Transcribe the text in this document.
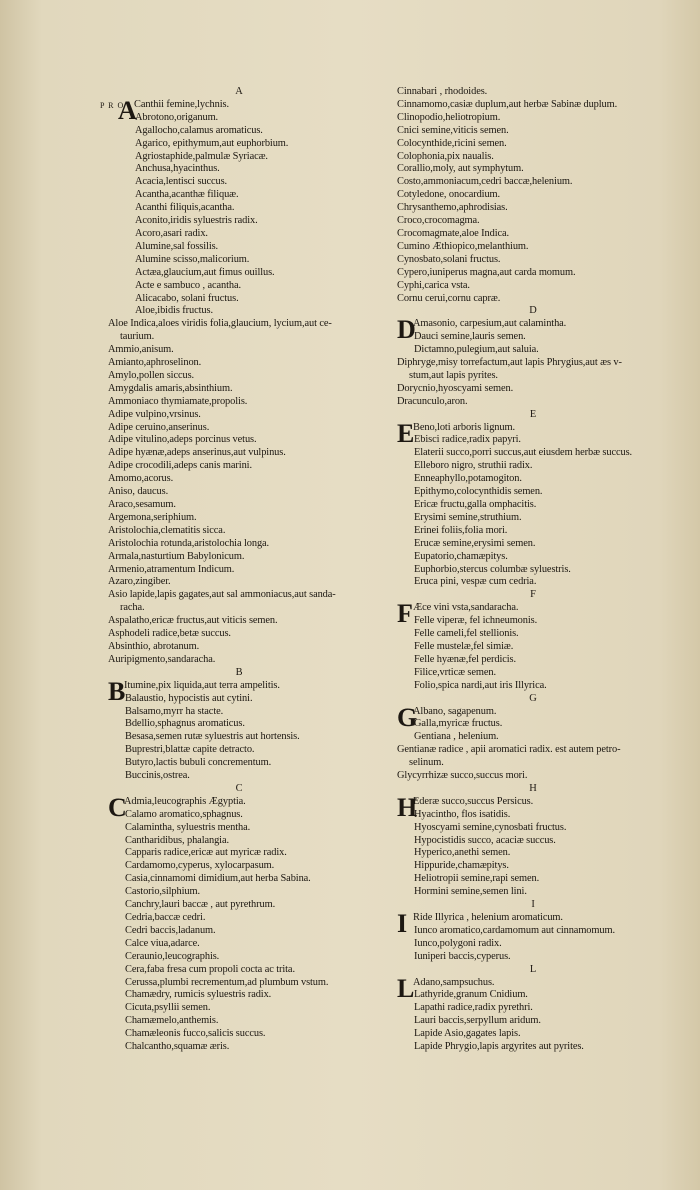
A
P R O
A
Canthii femine,lychnis.
Abrotono,origanum.
Agallocho,calamus aromaticus.
Agarico, epithymum,aut euphorbium.
Agriostaphide,palmulæ Syriacæ.
Anchusa,hyacinthus.
Acacia,lentisci succus.
Acantha,acanthæ filiquæ.
Acanthi filiquis,acantha.
Aconito,iridis syluestris radix.
Acoro,asari radix.
Alumine,sal fossilis.
Alumine scisso,malicorium.
Actæa,glaucium,aut fimus ouillus.
Acte e sambuco , acantha.
Alicacabo, solani fructus.
Aloe,ibidis fructus.
Aloe Indica,aloes viridis folia,glaucium, lycium,aut ce-
taurium.
Ammio,anisum.
Amianto,aphroselinon.
Amylo,pollen siccus.
Amygdalis amaris,absinthium.
Ammoniaco thymiamate,propolis.
Adipe vulpino,vrsinus.
Adipe ceruino,anserinus.
Adipe vitulino,adeps porcinus vetus.
Adipe hyænæ,adeps anserinus,aut vulpinus.
Adipe crocodili,adeps canis marini.
Amomo,acorus.
Aniso, daucus.
Araco,sesamum.
Argemona,seriphium.
Aristolochia,clematitis sicca.
Aristolochia rotunda,aristolochia longa.
Armala,nasturtium Babylonicum.
Armenio,atramentum Indicum.
Azaro,zingiber.
Asio lapide,lapis gagates,aut sal ammoniacus,aut sanda-
racha.
Aspalatho,ericæ fructus,aut viticis semen.
Asphodeli radice,betæ succus.
Absinthio, abrotanum.
Auripigmento,sandaracha.
B
B
Itumine,pix liquida,aut terra ampelitis.
Balaustio, hypocistis aut cytini.
Balsamo,myrr ha stacte.
Bdellio,sphagnus aromaticus.
Besasa,semen rutæ syluestris aut hortensis.
Buprestri,blattæ capite detracto.
Butyro,lactis bubuli concrementum.
Buccinis,ostrea.
C
C
Admia,leucographis Ægyptia.
Calamo aromatico,sphagnus.
Calamintha, syluestris mentha.
Cantharidibus, phalangia.
Capparis radice,ericæ aut myricæ radix.
Cardamomo,cyperus, xylocarpasum.
Casia,cinnamomi dimidium,aut herba Sabina.
Castorio,silphium.
Canchry,lauri baccæ , aut pyrethrum.
Cedria,baccæ cedri.
Cedri baccis,ladanum.
Calce viua,adarce.
Ceraunio,leucographis.
Cera,faba fresa cum propoli cocta ac trita.
Cerussa,plumbi recrementum,ad plumbum vstum.
Chamædry, rumicis syluestris radix.
Cicuta,psyllii semen.
Chamæmelo,anthemis.
Chamæleonis fucco,salicis succus.
Chalcantho,squamæ æris.
Cinnabari , rhodoides.
Cinnamomo,casiæ duplum,aut herbæ Sabinæ duplum.
Clinopodio,heliotropium.
Cnici semine,viticis semen.
Colocynthide,ricini semen.
Colophonia,pix naualis.
Corallio,moly, aut symphytum.
Costo,ammoniacum,cedri baccæ,helenium.
Cotyledone, onocardium.
Chrysanthemo,aphrodisias.
Croco,crocomagma.
Crocomagmate,aloe Indica.
Cumino Æthiopico,melanthium.
Cynosbato,solani fructus.
Cypero,iuniperus magna,aut carda momum.
Cyphi,carica vsta.
Cornu cerui,cornu capræ.
D
D
Amasonio, carpesium,aut calamintha.
Dauci semine,lauris semen.
Dictamno,pulegium,aut saluia.
Diphryge,misy torrefactum,aut lapis Phrygius,aut æs v-
stum,aut lapis pyrites.
Dorycnio,hyoscyami semen.
Dracunculo,aron.
E
E
Beno,loti arboris lignum.
Ebisci radice,radix papyri.
Elaterii succo,porri succus,aut eiusdem herbæ succus.
Elleboro nigro, struthii radix.
Enneaphyllo,potamogiton.
Epithymo,colocynthidis semen.
Ericæ fructu,galla omphacitis.
Erysimi semine,struthium.
Erinei foliis,folia mori.
Erucæ semine,erysimi semen.
Eupatorio,chamæpitys.
Euphorbio,stercus columbæ syluestris.
Eruca pini, vespæ cum cedria.
F
F Æce vini vsta,sandaracha.
Felle viperæ, fel ichneumonis.
Felle cameli,fel stellionis.
Felle mustelæ,fel simiæ.
Felle hyænæ,fel perdicis.
Filice,vrticæ semen.
Folio,spica nardi,aut iris Illyrica.
G
G
Albano, sagapenum.
Galla,myricæ fructus.
Gentiana , helenium.
Gentianæ radice , apii aromatici radix. est autem petro-
selinum.
Glycyrrhizæ succo,succus mori.
H
H
Ederæ succo,succus Persicus.
Hyacintho, flos isatidis.
Hyoscyami semine,cynosbati fructus.
Hypocistidis succo, acaciæ succus.
Hyperico,anethi semen.
Hippuride,chamæpitys.
Heliotropii semine,rapi semen.
Hormini semine,semen lini.
I
I Ride Illyrica , helenium aromaticum.
Iunco aromatico,cardamomum aut cinnamomum.
Iunco,polygoni radix.
Iuniperi baccis,cyperus.
L
L
Adano,sampsuchus.
Lathyride,granum Cnidium.
Lapathi radice,radix pyrethri.
Lauri baccis,serpyllum aridum.
Lapide Asio,gagates lapis.
Lapide Phrygio,lapis argyrites aut pyrites.
